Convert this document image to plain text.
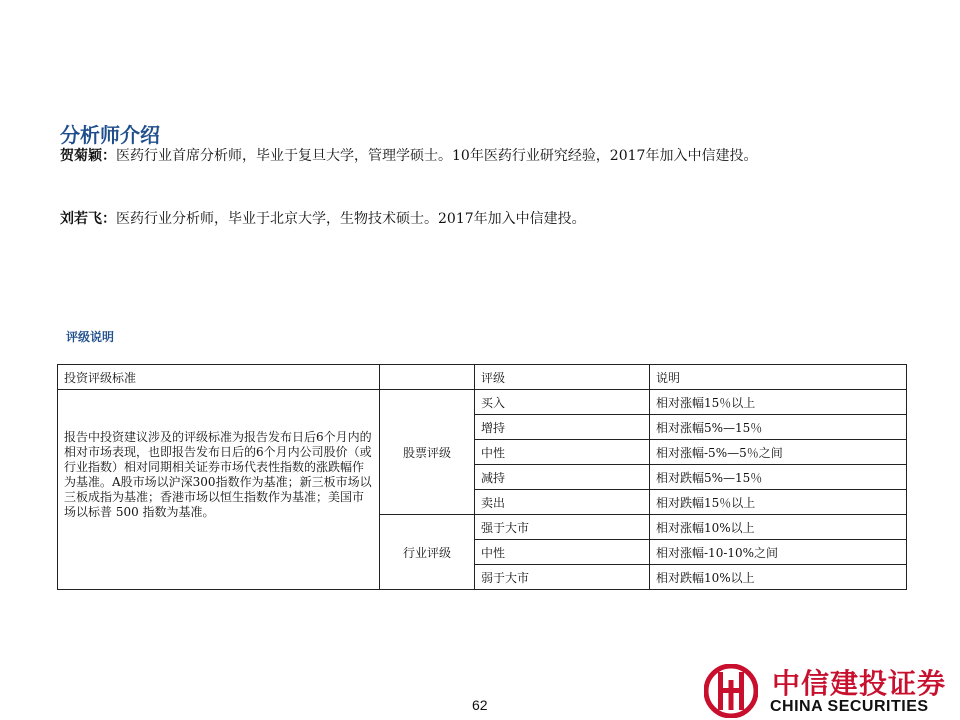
分析师介绍
贺菊颖：医药行业首席分析师，毕业于复旦大学，管理学硕士。10年医药行业研究经验，2017年加入中信建投。
刘若飞：医药行业分析师，毕业于北京大学，生物技术硕士。2017年加入中信建投。
评级说明
投资评级标准		评级	说明
报告中投资建议涉及的评级标准为报告发布日后6个月内的相对市场表现，也即报告发布日后的6个月内公司股价（或行业指数）相对同期相关证券市场代表性指数的涨跌幅作为基准。A股市场以沪深300指数作为基准；新三板市场以三板成指为基准；香港市场以恒生指数作为基准；美国市场以标普 500 指数为基准。	股票评级	买入	相对涨幅15％以上
		增持	相对涨幅5%—15％
		中性	相对涨幅-5%—5％之间
		减持	相对跌幅5%—15％
		卖出	相对跌幅15％以上
	行业评级	强于大市	相对涨幅10%以上
		中性	相对涨幅-10-10%之间
		弱于大市	相对跌幅10%以上
62
中信建投证券
CHINA SECURITIES
